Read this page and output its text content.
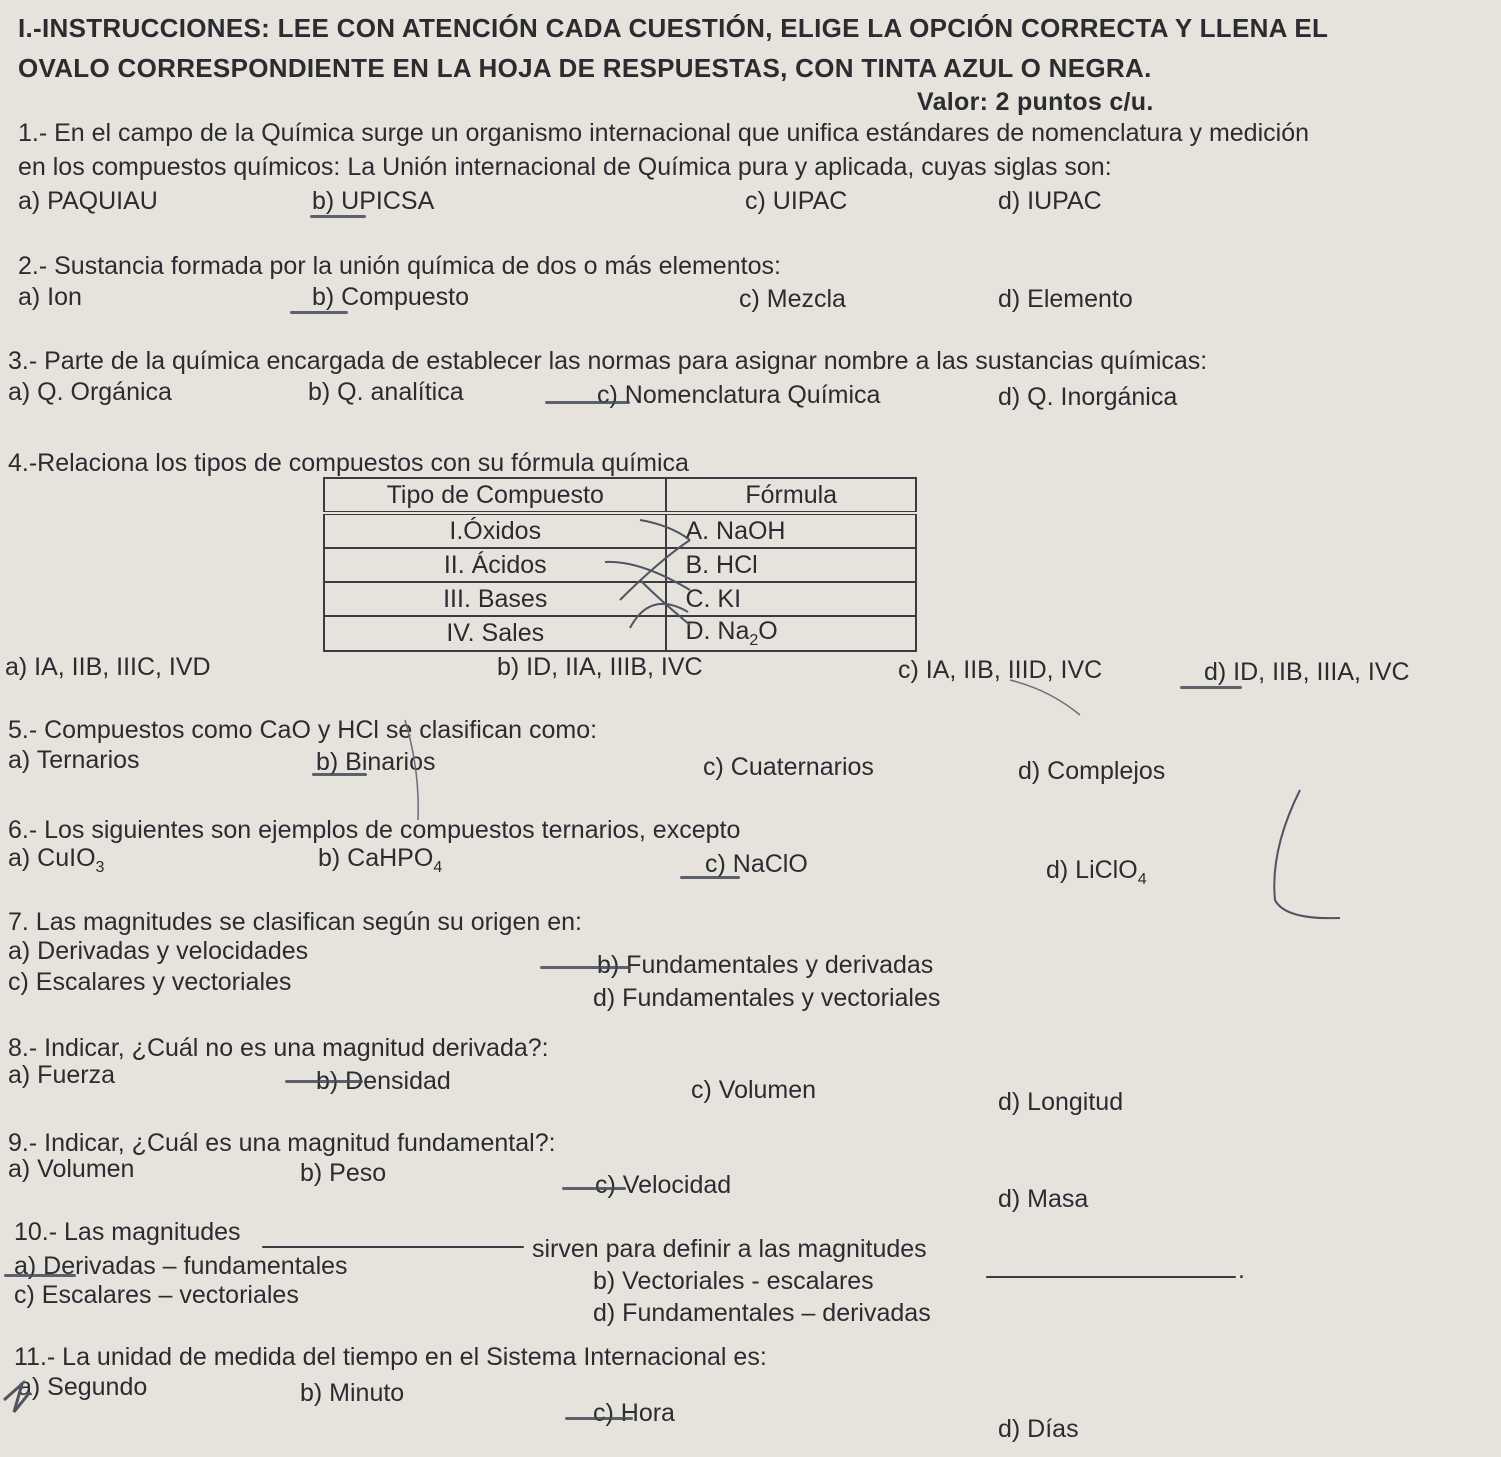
I.-INSTRUCCIONES: LEE CON ATENCIÓN CADA CUESTIÓN, ELIGE LA OPCIÓN CORRECTA Y LLENA EL
OVALO CORRESPONDIENTE EN LA HOJA DE RESPUESTAS, CON TINTA AZUL O NEGRA.
Valor: 2 puntos c/u.
1.- En el campo de la Química surge un organismo internacional que unifica estándares de nomenclatura y medición
en los compuestos químicos: La Unión internacional de Química pura y aplicada, cuyas siglas son:
a) PAQUIAU	b) UPICSA	c) UIPAC	d) IUPAC
2.- Sustancia formada por la unión química de dos o más elementos:
a) Ion	b) Compuesto	c) Mezcla	d) Elemento
3.- Parte de la química encargada de establecer las normas para asignar nombre a las sustancias químicas:
a) Q. Orgánica	b) Q. analítica	c) Nomenclatura Química	d) Q. Inorgánica
4.-Relaciona los tipos de compuestos con su fórmula química
Tipo de Compuesto	Fórmula
I.Óxidos	A. NaOH
II. Ácidos	B. HCl
III. Bases	C. KI
IV. Sales	D. $Na_2O$
a) IA, IIB, IIIC, IVD	b) ID, IIA, IIIB, IVC	c) IA, IIB, IIID, IVC	d) ID, IIB, IIIA, IVC
5.- Compuestos como CaO y HCl se clasifican como:
a) Ternarios	b) Binarios	c) Cuaternarios	d) Complejos
6.- Los siguientes son ejemplos de compuestos ternarios, excepto
a) CuIO$_3$	b) CaHPO$_4$	c) NaClO	d) LiClO$_4$
7. Las magnitudes se clasifican según su origen en:
a) Derivadas y velocidades	b) Fundamentales y derivadas
c) Escalares y vectoriales
d) Fundamentales y vectoriales
8.- Indicar, ¿Cuál no es una magnitud derivada?:
a) Fuerza	b) Densidad	c) Volumen	d) Longitud
9.- Indicar, ¿Cuál es una magnitud fundamental?:
a) Volumen	b) Peso	c) Velocidad	d) Masa
10.- Las magnitudes
sirven para definir a las magnitudes
.
a) Derivadas – fundamentales
b) Vectoriales - escalares
c) Escalares – vectoriales
d) Fundamentales – derivadas
11.- La unidad de medida del tiempo en el Sistema Internacional es:
a) Segundo	b) Minuto
c) Hora
d) Días
